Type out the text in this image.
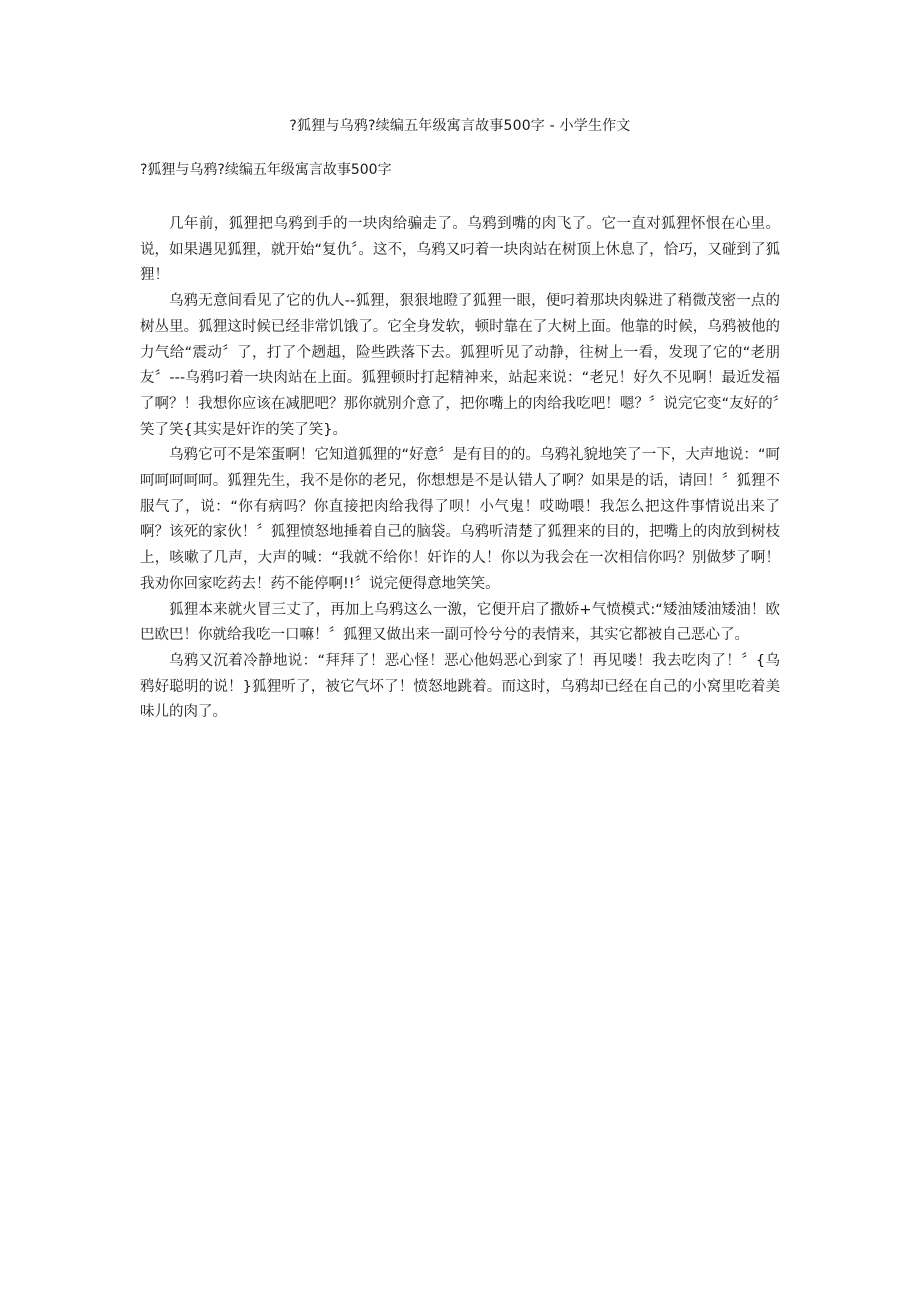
?狐狸与乌鸦?续编五年级寓言故事500字 - 小学生作文
?狐狸与乌鸦?续编五年级寓言故事500字

几年前，狐狸把乌鸦到手的一块肉给骗走了。乌鸦到嘴的肉飞了。它一直对狐狸怀恨在心里。说，如果遇见狐狸，就开始“复仇〞。这不，乌鸦又叼着一块肉站在树顶上休息了，恰巧，又碰到了狐狸！

乌鸦无意间看见了它的仇人--狐狸，狠狠地瞪了狐狸一眼，便叼着那块肉躲进了稍微茂密一点的树丛里。狐狸这时候已经非常饥饿了。它全身发软，顿时靠在了大树上面。他靠的时候，乌鸦被他的力气给“震动〞了，打了个趔趄，险些跌落下去。狐狸听见了动静，往树上一看，发现了它的“老朋友〞---乌鸦叼着一块肉站在上面。狐狸顿时打起精神来，站起来说：“老兄！好久不见啊！最近发福了啊？！我想你应该在减肥吧？那你就别介意了，把你嘴上的肉给我吃吧！嗯？〞说完它变“友好的〞笑了笑{其实是奸诈的笑了笑}。

乌鸦它可不是笨蛋啊！它知道狐狸的“好意〞是有目的的。乌鸦礼貌地笑了一下，大声地说：“呵呵呵呵呵呵。狐狸先生，我不是你的老兄，你想想是不是认错人了啊？如果是的话，请回！〞狐狸不服气了，说：“你有病吗？你直接把肉给我得了呗！小气鬼！哎呦喂！我怎么把这件事情说出来了啊？该死的家伙！〞狐狸愤怒地捶着自己的脑袋。乌鸦听清楚了狐狸来的目的，把嘴上的肉放到树枝上，咳嗽了几声，大声的喊：“我就不给你！奸诈的人！你以为我会在一次相信你吗？别做梦了啊！我劝你回家吃药去！药不能停啊!!〞说完便得意地笑笑。

狐狸本来就火冒三丈了，再加上乌鸦这么一激，它便开启了撒娇+气愤模式:“矮油矮油矮油！欧巴欧巴！你就给我吃一口嘛！〞狐狸又做出来一副可怜兮兮的表情来，其实它都被自己恶心了。

乌鸦又沉着冷静地说：“拜拜了！恶心怪！恶心他妈恶心到家了！再见喽！我去吃肉了！〞{乌鸦好聪明的说！}狐狸听了，被它气坏了！愤怒地跳着。而这时，乌鸦却已经在自己的小窝里吃着美味儿的肉了。
